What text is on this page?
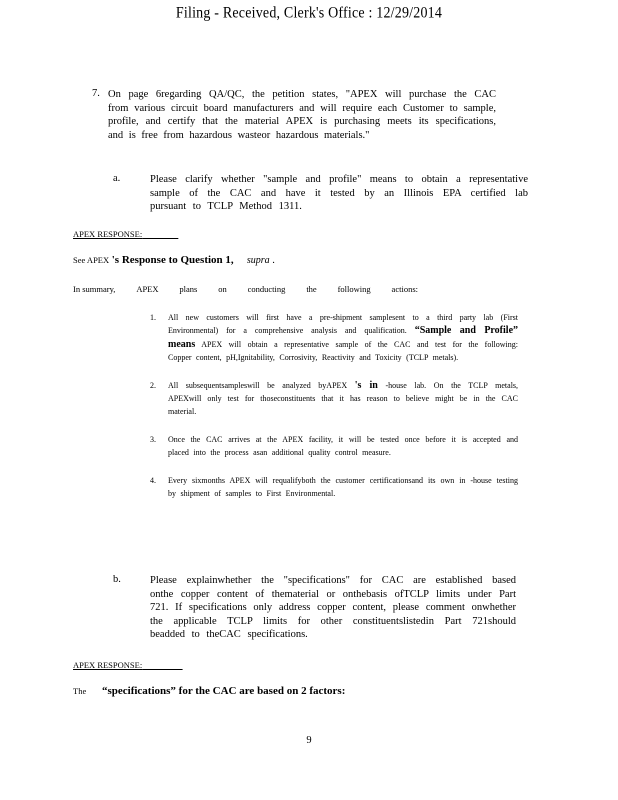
Filing - Received, Clerk's Office : 12/29/2014
7. On page 6regarding QA/QC, the petition states, "APEX will purchase the CAC from various circuit board manufacturers and will require each Customer to sample, profile, and certify that the material APEX is purchasing meets its specifications, and is free from hazardous wasteor hazardous materials."
a.	Please clarify whether "sample and profile" means to obtain a representative sample of the CAC and have it tested by an Illinois EPA certified lab pursuant to TCLP Method 1311.
APEX RESPONSE:​
See APEX 's Response to Question 1, supra .
In summary, APEX plans on conducting the following actions:
1. All new customers will first have a pre-shipment samplesent to a third party lab (First Environmental) for a comprehensive analysis and qualification. “Sample and Profile” means APEX will obtain a representative sample of the CAC and test for the following: Copper content, pH,Ignitability, Corrosivity, Reactivity and Toxicity (TCLP metals).
2. All subsequentsampleswill be analyzed byAPEX 's in -house lab. On the TCLP metals, APEXwill only test for thoseconstituents that it has reason to believe might be in the CAC material.
3. Once the CAC arrives at the APEX facility, it will be tested once before it is accepted and placed into the process asan additional quality control measure.
4. Every sixmonths APEX will requalifyboth the customer certificationsand its own in -house testing by shipment of samples to First Environmental.
b.	Please explainwhether the "specifications" for CAC are established based onthe copper content of thematerial or onthebasis ofTCLP limits under Part 721. If specifications only address copper content, please comment onwhether the applicable TCLP limits for other constituentslistedin Part 721should beadded to theCAC specifications.
APEX RESPONSE:​
The “specifications” for the CAC are based on 2 factors:
9
